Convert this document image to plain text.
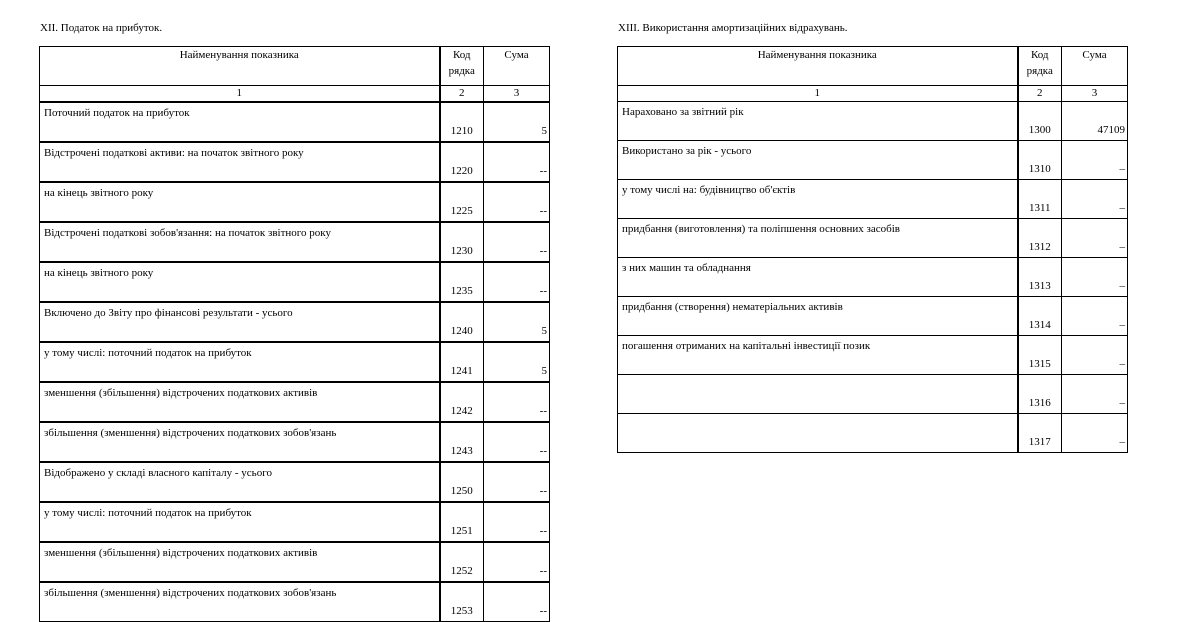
XII. Податок на прибуток.
Найменування показника	Код рядка	Сума
1	2	3
Поточний податок на прибуток	1210	5
Відстрочені податкові активи: на початок звітного року	1220	--
на кінець звітного року	1225	--
Відстрочені податкові зобов'язання: на початок звітного року	1230	--
на кінець звітного року	1235	--
Включено до Звіту про фінансові результати - усього	1240	5
у тому числі: поточний податок на прибуток	1241	5
зменшення (збільшення) відстрочених податкових активів	1242	--
збільшення (зменшення) відстрочених податкових зобов'язань	1243	--
Відображено у складі власного капіталу - усього	1250	--
у тому числі: поточний податок на прибуток	1251	--
зменшення (збільшення) відстрочених податкових активів	1252	--
збільшення (зменшення) відстрочених податкових зобов'язань	1253	--
XIII. Використання амортизаційних відрахувань.
Найменування показника	Код рядка	Сума
1	2	3
Нараховано за звітний рік	1300	47109
Використано за рік - усього	1310	–
у тому числі на: будівництво об'єктів	1311	–
придбання (виготовлення) та поліпшення основних засобів	1312	–
з них машин та обладнання	1313	–
придбання (створення) нематеріальних активів	1314	–
погашення отриманих на капітальні інвестиції позик	1315	–
	1316	–
	1317	–
